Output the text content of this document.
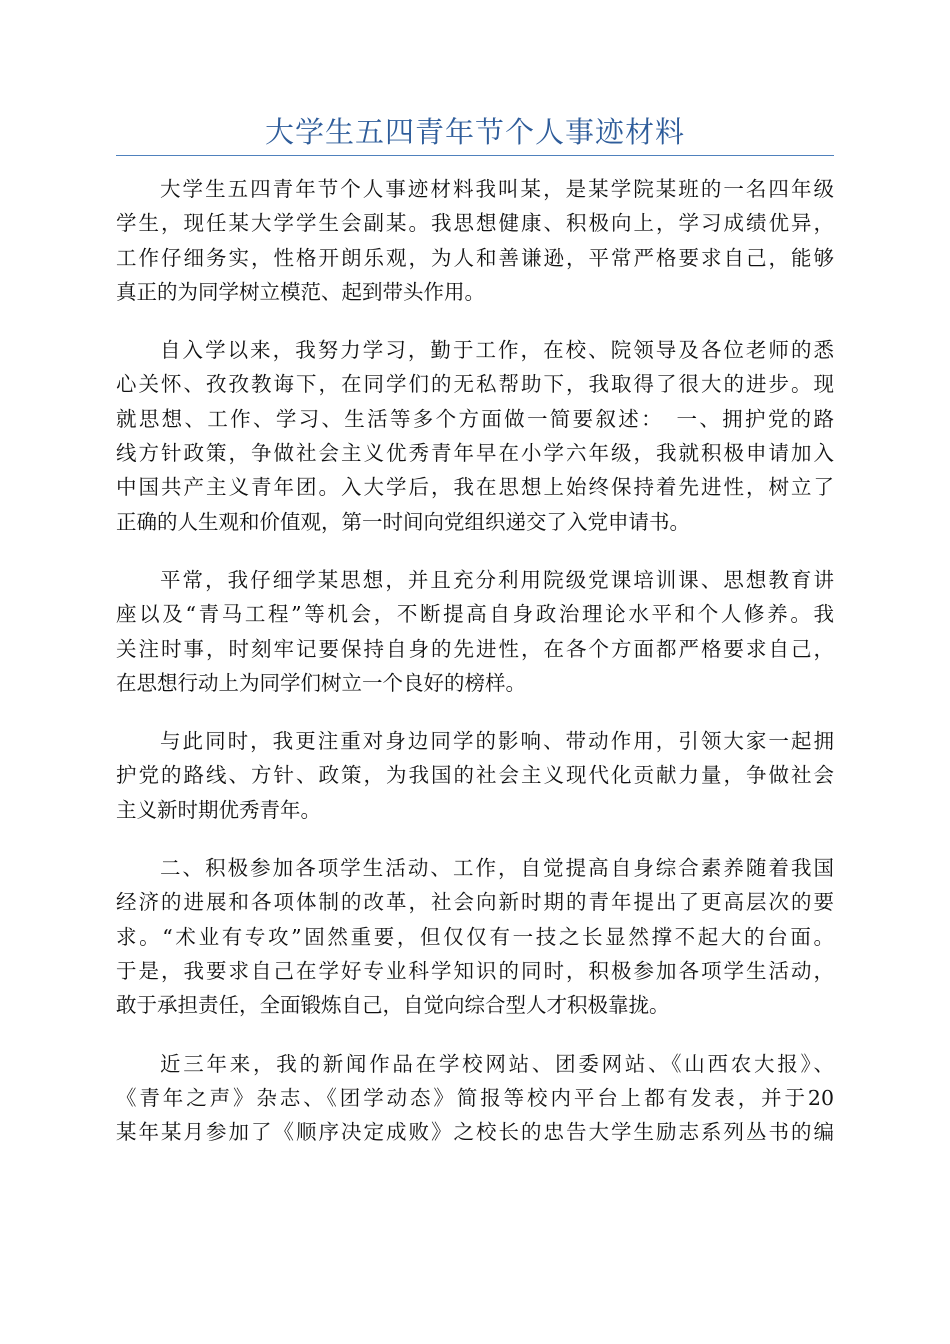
大学生五四青年节个人事迹材料
大学生五四青年节个人事迹材料我叫某，是某学院某班的一名四年级
学生，现任某大学学生会副某。我思想健康、积极向上，学习成绩优异，
工作仔细务实，性格开朗乐观，为人和善谦逊，平常严格要求自己，能够
真正的为同学树立模范、起到带头作用。
自入学以来，我努力学习，勤于工作，在校、院领导及各位老师的悉
心关怀、孜孜教诲下，在同学们的无私帮助下，我取得了很大的进步。现
就思想、工作、学习、生活等多个方面做一简要叙述：　一、拥护党的路
线方针政策，争做社会主义优秀青年早在小学六年级，我就积极申请加入
中国共产主义青年团。入大学后，我在思想上始终保持着先进性，树立了
正确的人生观和价值观，第一时间向党组织递交了入党申请书。
平常，我仔细学某思想，并且充分利用院级党课培训课、思想教育讲
座以及“青马工程”等机会，不断提高自身政治理论水平和个人修养。我
关注时事，时刻牢记要保持自身的先进性，在各个方面都严格要求自己，
在思想行动上为同学们树立一个良好的榜样。
与此同时，我更注重对身边同学的影响、带动作用，引领大家一起拥
护党的路线、方针、政策，为我国的社会主义现代化贡献力量，争做社会
主义新时期优秀青年。
二、积极参加各项学生活动、工作，自觉提高自身综合素养随着我国
经济的进展和各项体制的改革，社会向新时期的青年提出了更高层次的要
求。“术业有专攻”固然重要，但仅仅有一技之长显然撑不起大的台面。
于是，我要求自己在学好专业科学知识的同时，积极参加各项学生活动，
敢于承担责任，全面锻炼自己，自觉向综合型人才积极靠拢。
近三年来，我的新闻作品在学校网站、团委网站、《山西农大报》、
《青年之声》杂志、《团学动态》简报等校内平台上都有发表，并于20
某年某月参加了《顺序决定成败》之校长的忠告大学生励志系列丛书的编
